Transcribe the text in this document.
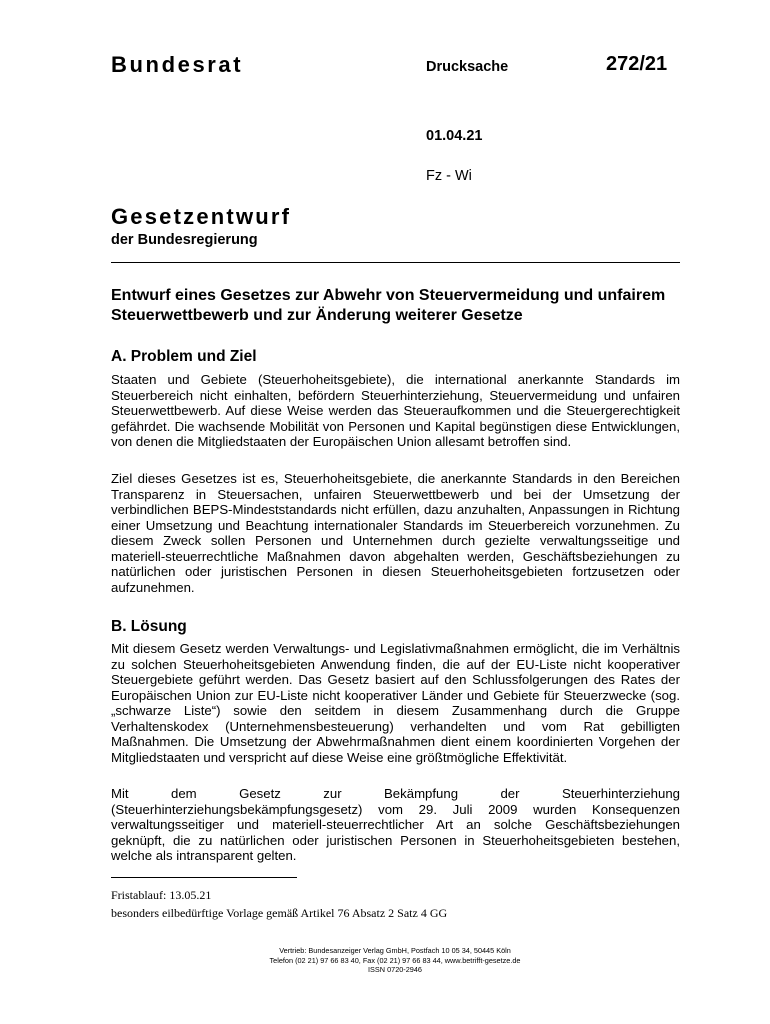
Bundesrat	Drucksache	272/21
01.04.21
Fz - Wi
Gesetzentwurf
der Bundesregierung
Entwurf eines Gesetzes zur Abwehr von Steuervermeidung und unfairem Steuerwettbewerb und zur Änderung weiterer Gesetze
A. Problem und Ziel
Staaten und Gebiete (Steuerhoheitsgebiete), die international anerkannte Standards im Steuerbereich nicht einhalten, befördern Steuerhinterziehung, Steuervermeidung und unfairen Steuerwettbewerb. Auf diese Weise werden das Steueraufkommen und die Steuergerechtigkeit gefährdet. Die wachsende Mobilität von Personen und Kapital begünstigen diese Entwicklungen, von denen die Mitgliedstaaten der Europäischen Union allesamt betroffen sind.
Ziel dieses Gesetzes ist es, Steuerhoheitsgebiete, die anerkannte Standards in den Bereichen Transparenz in Steuersachen, unfairen Steuerwettbewerb und bei der Umsetzung der verbindlichen BEPS-Mindeststandards nicht erfüllen, dazu anzuhalten, Anpassungen in Richtung einer Umsetzung und Beachtung internationaler Standards im Steuerbereich vorzunehmen. Zu diesem Zweck sollen Personen und Unternehmen durch gezielte verwaltungsseitige und materiell-steuerrechtliche Maßnahmen davon abgehalten werden, Geschäftsbeziehungen zu natürlichen oder juristischen Personen in diesen Steuerhoheitsgebieten fortzusetzen oder aufzunehmen.
B. Lösung
Mit diesem Gesetz werden Verwaltungs- und Legislativmaßnahmen ermöglicht, die im Verhältnis zu solchen Steuerhoheitsgebieten Anwendung finden, die auf der EU-Liste nicht kooperativer Steuergebiete geführt werden. Das Gesetz basiert auf den Schlussfolgerungen des Rates der Europäischen Union zur EU-Liste nicht kooperativer Länder und Gebiete für Steuerzwecke (sog. „schwarze Liste“) sowie den seitdem in diesem Zusammenhang durch die Gruppe Verhaltenskodex (Unternehmensbesteuerung) verhandelten und vom Rat gebilligten Maßnahmen. Die Umsetzung der Abwehrmaßnahmen dient einem koordinierten Vorgehen der Mitgliedstaaten und verspricht auf diese Weise eine größtmögliche Effektivität.
Mit dem Gesetz zur Bekämpfung der Steuerhinterziehung (Steuerhinterziehungsbekämpfungsgesetz) vom 29. Juli 2009 wurden Konsequenzen verwaltungsseitiger und materiell-steuerrechtlicher Art an solche Geschäftsbeziehungen geknüpft, die zu natürlichen oder juristischen Personen in Steuerhoheitsgebieten bestehen, welche als intransparent gelten.
Fristablauf: 13.05.21
besonders eilbedürftige Vorlage gemäß Artikel 76 Absatz 2 Satz 4 GG
Vertrieb: Bundesanzeiger Verlag GmbH, Postfach 10 05 34, 50445 Köln
Telefon (02 21) 97 66 83 40, Fax (02 21) 97 66 83 44, www.betrifft-gesetze.de
ISSN 0720-2946
